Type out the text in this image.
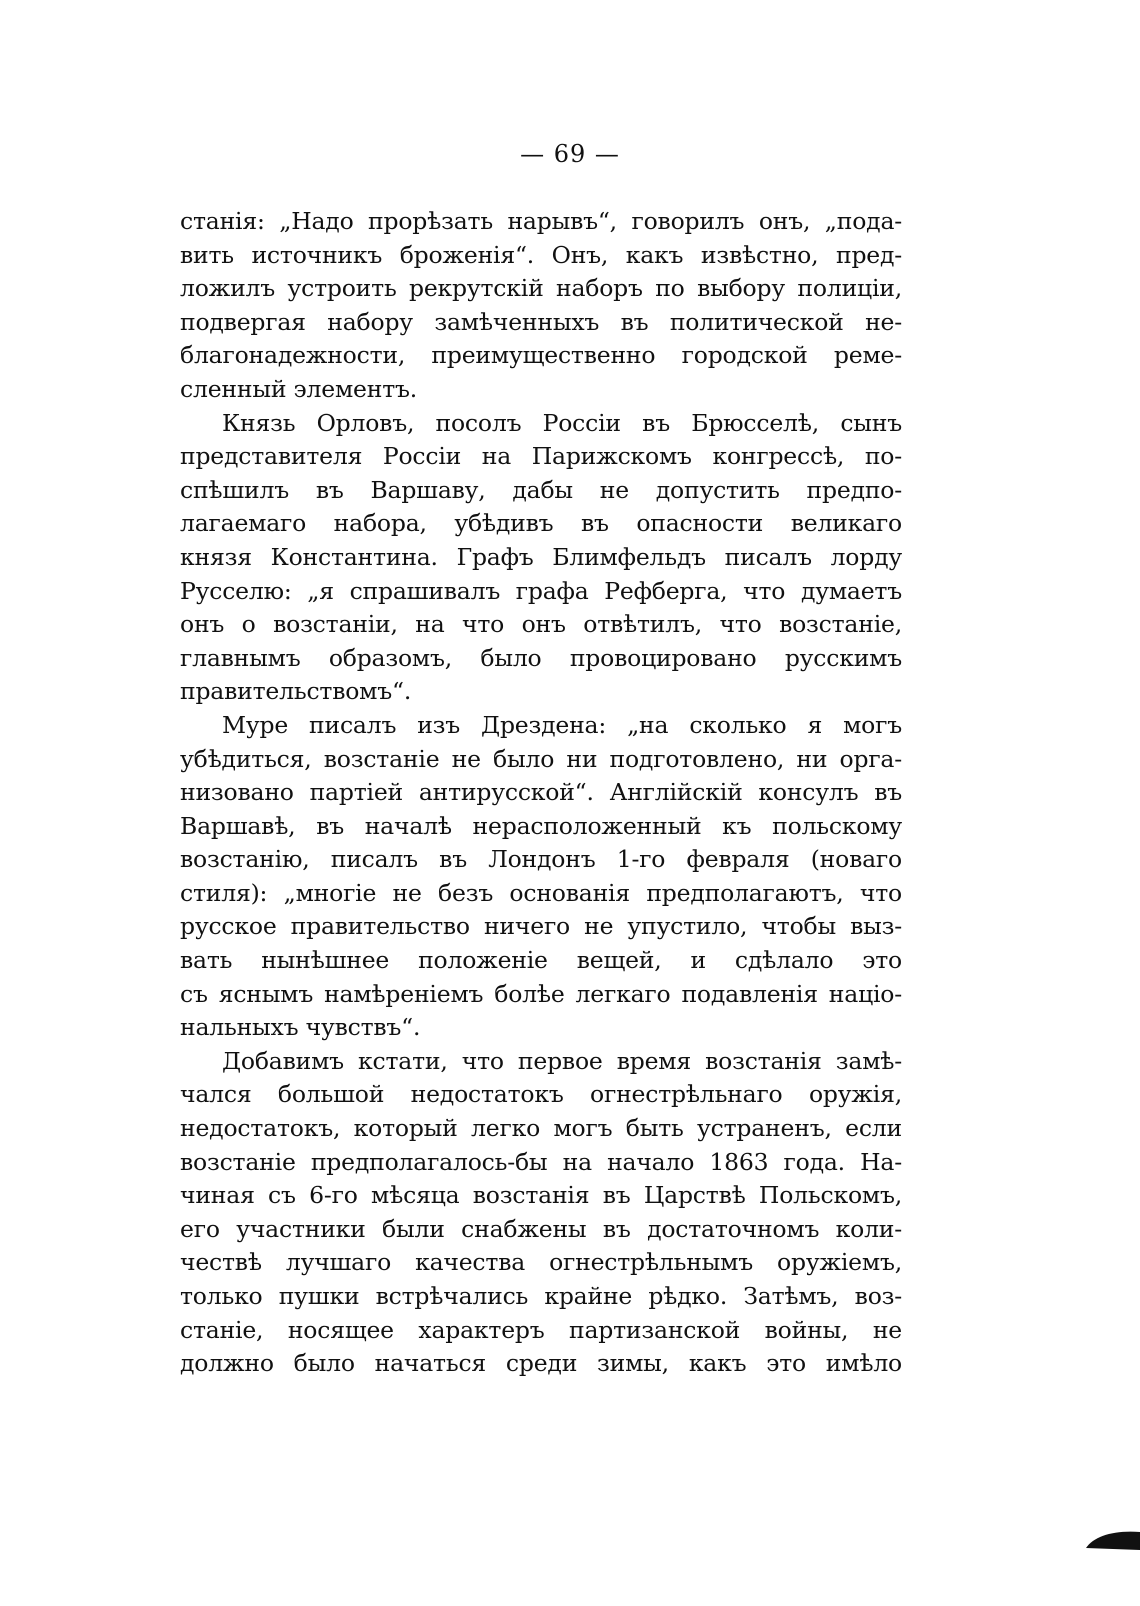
— 69 —
станія: „Надо прорѣзать нарывъ“, говорилъ онъ, „пода-
вить источникъ броженія“. Онъ, какъ извѣстно, пред-
ложилъ устроить рекрутскій наборъ по выбору полиціи,
подвергая набору замѣченныхъ въ политической не-
благонадежности, преимущественно городской реме-
сленный элементъ.
Князь Орловъ, посолъ Россіи въ Брюсселѣ, сынъ
представителя Россіи на Парижскомъ конгрессѣ, по-
спѣшилъ въ Варшаву, дабы не допустить предпо-
лагаемаго набора, убѣдивъ въ опасности великаго
князя Константина. Графъ Блимфельдъ писалъ лорду
Русселю: „я спрашивалъ графа Рефберга, что думаетъ
онъ о возстаніи, на что онъ отвѣтилъ, что возстаніе,
главнымъ образомъ, было провоцировано русскимъ
правительствомъ“.
Муре писалъ изъ Дрездена: „на сколько я могъ
убѣдиться, возстаніе не было ни подготовлено, ни орга-
низовано партіей антирусской“. Англійскій консулъ въ
Варшавѣ, въ началѣ нерасположенный къ польскому
возстанію, писалъ въ Лондонъ 1-го февраля (новаго
стиля): „многіе не безъ основанія предполагаютъ, что
русское правительство ничего не упустило, чтобы выз-
вать нынѣшнее положеніе вещей, и сдѣлало это
съ яснымъ намѣреніемъ болѣе легкаго подавленія націо-
нальныхъ чувствъ“.
Добавимъ кстати, что первое время возстанія замѣ-
чался большой недостатокъ огнестрѣльнаго оружія,
недостатокъ, который легко могъ быть устраненъ, если
возстаніе предполагалось-бы на начало 1863 года. На-
чиная съ 6-го мѣсяца возстанія въ Царствѣ Польскомъ,
его участники были снабжены въ достаточномъ коли-
чествѣ лучшаго качества огнестрѣльнымъ оружіемъ,
только пушки встрѣчались крайне рѣдко. Затѣмъ, воз-
станіе, носящее характеръ партизанской войны, не
должно было начаться среди зимы, какъ это имѣло
